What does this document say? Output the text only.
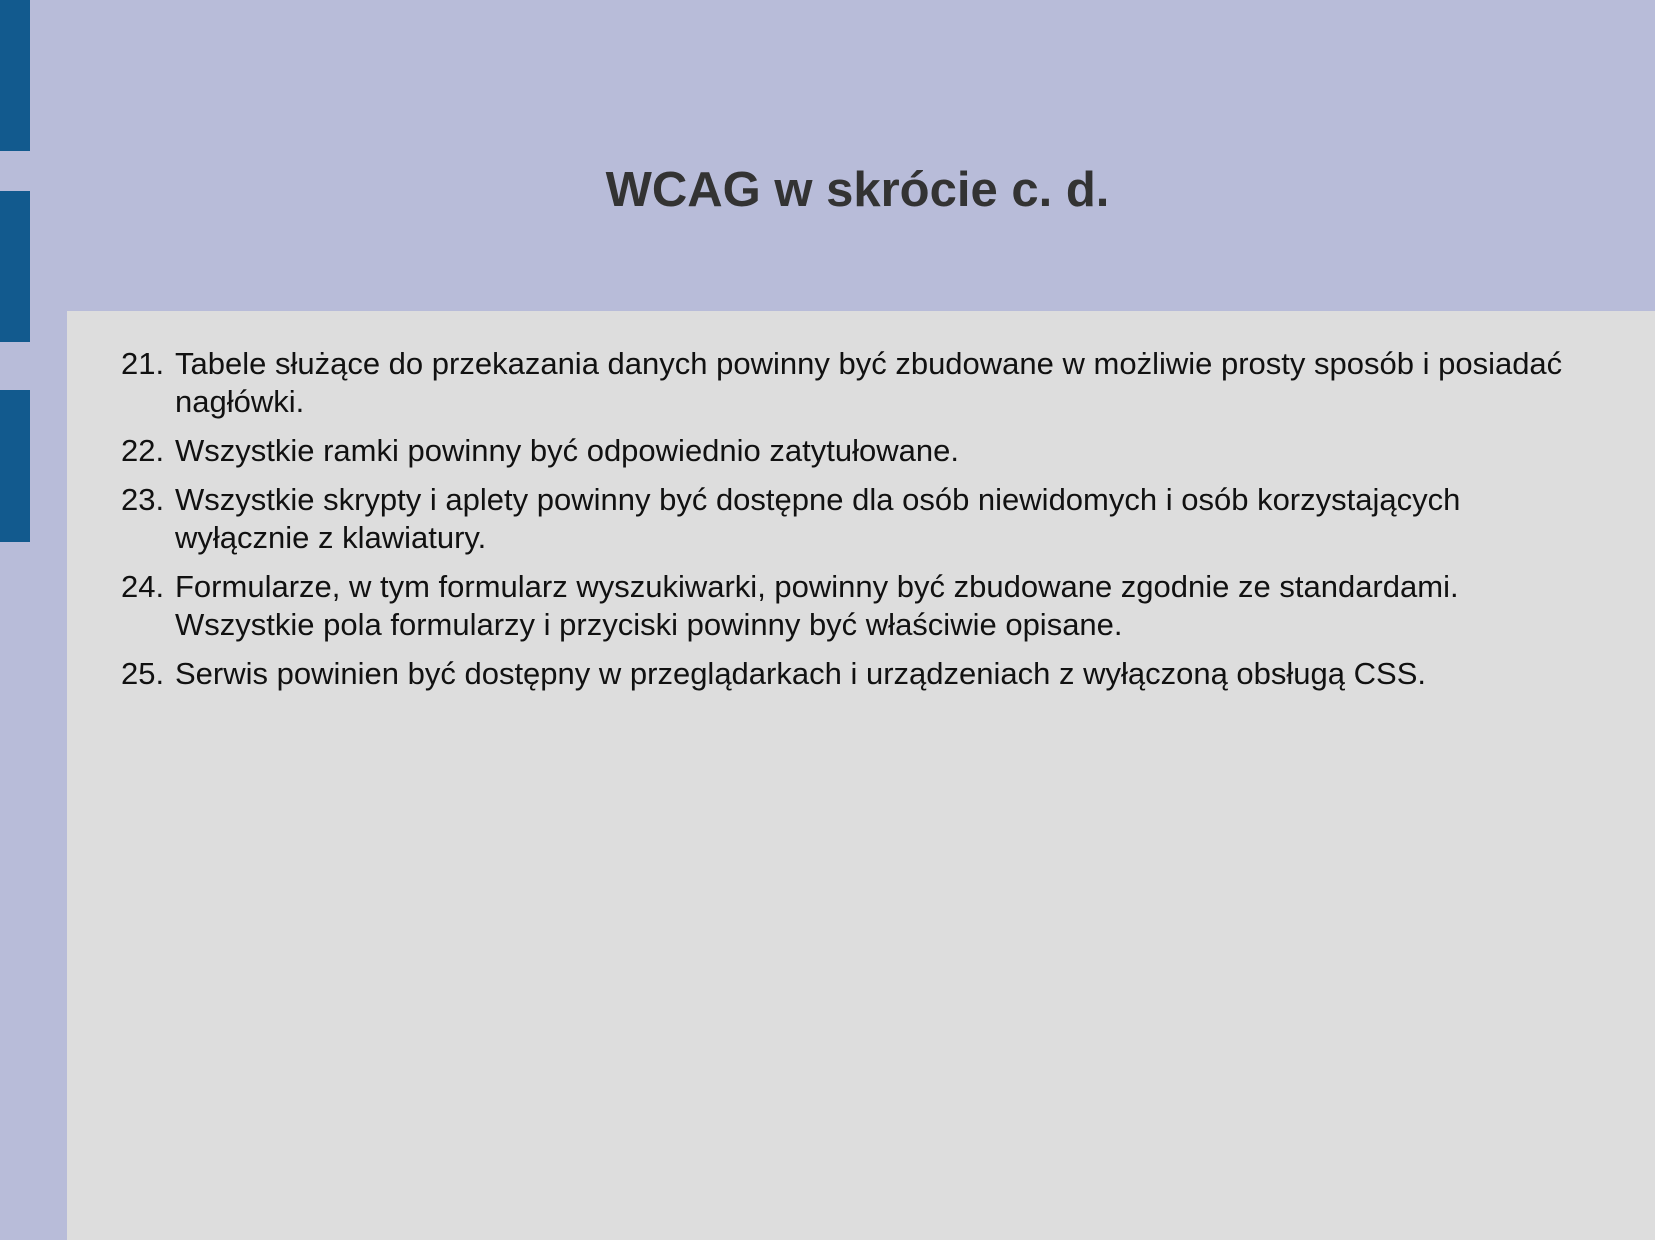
WCAG w skrócie c. d.
21. Tabele służące do przekazania danych powinny być zbudowane w możliwie prosty sposób i posiadać nagłówki.
22. Wszystkie ramki powinny być odpowiednio zatytułowane.
23. Wszystkie skrypty i aplety powinny być dostępne dla osób niewidomych i osób korzystających wyłącznie z klawiatury.
24. Formularze, w tym formularz wyszukiwarki, powinny być zbudowane zgodnie ze standardami. Wszystkie pola formularzy i przyciski powinny być właściwie opisane.
25. Serwis powinien być dostępny w przeglądarkach i urządzeniach z wyłączoną obsługą CSS.
